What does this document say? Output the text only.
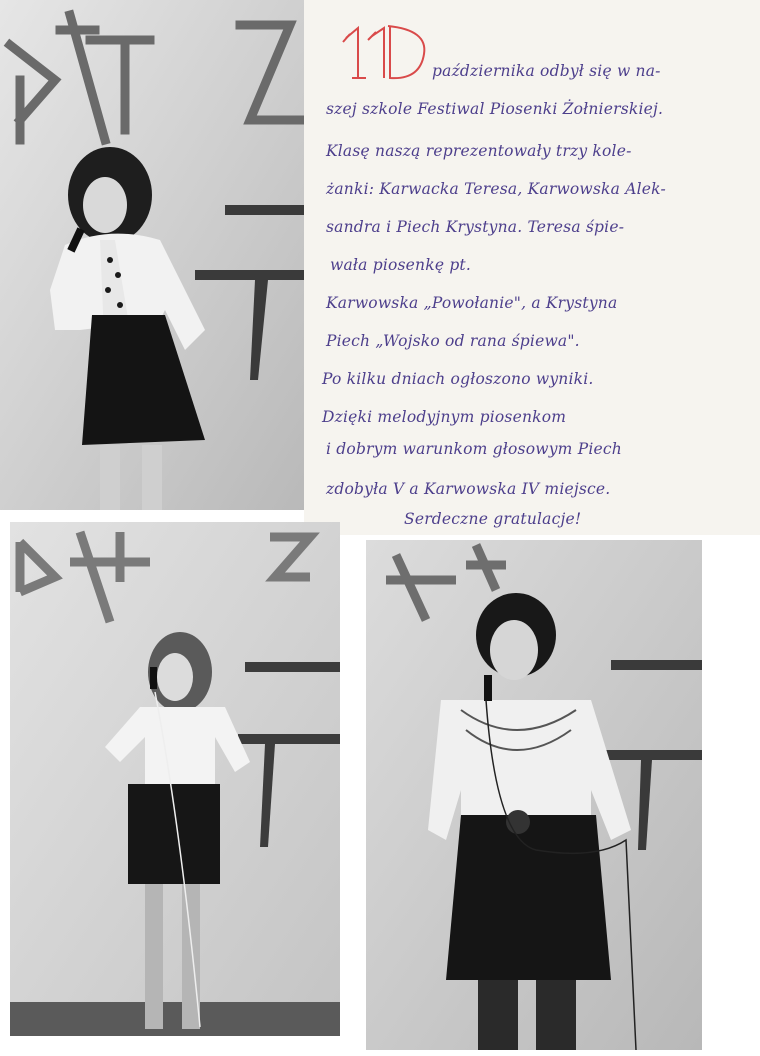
października odbył się w na-
szej szkole Festiwal Piosenki Żołnierskiej.
Klasę naszą reprezentowały trzy kole-
żanki: Karwacka Teresa, Karwowska Alek-
sandra i Piech Krystyna. Teresa śpie-
wała piosenkę pt.
Karwowska „Powołanie", a Krystyna
Piech „Wojsko od rana śpiewa".
Po kilku dniach ogłoszono wyniki.
Dzięki melodyjnym piosenkom
i dobrym warunkom głosowym Piech
zdobyła V a Karwowska IV miejsce.
Serdeczne gratulacje!
